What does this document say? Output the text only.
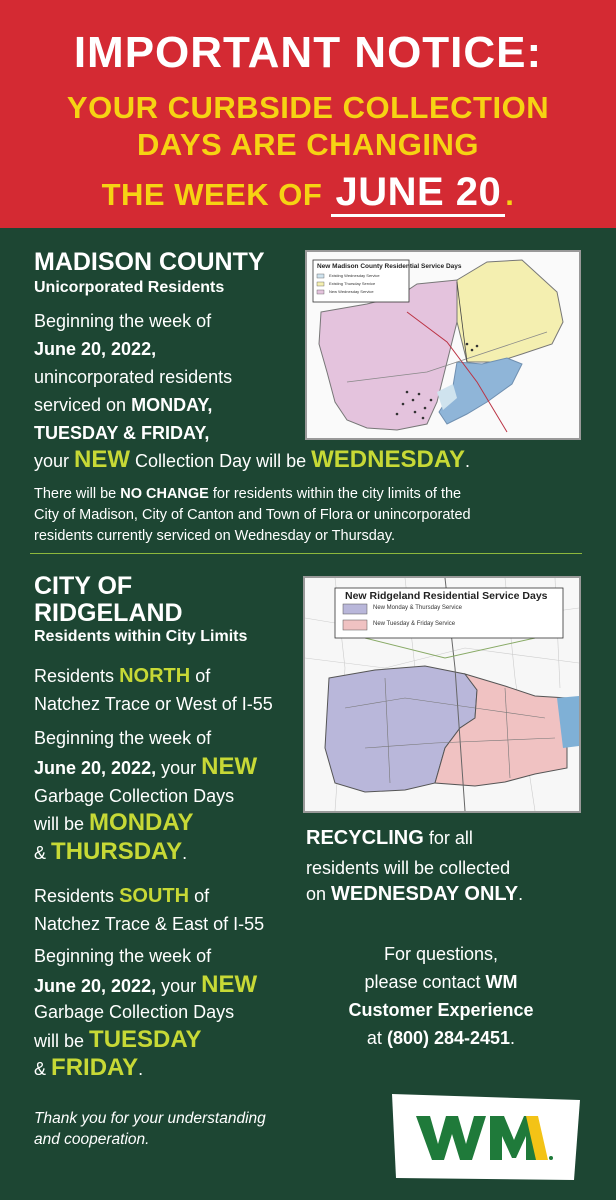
IMPORTANT NOTICE:
YOUR CURBSIDE COLLECTION
DAYS ARE CHANGING
THE WEEK OF JUNE 20 .
MADISON COUNTY
Unicorporated Residents
Beginning the week of
June 20, 2022,
unincorporated residents
serviced on MONDAY,
TUESDAY & FRIDAY,
your NEW Collection Day will be WEDNESDAY.
There will be NO CHANGE for residents within the city limits of the
City of Madison, City of Canton and Town of Flora or unincorporated
residents currently serviced on Wednesday or Thursday.
New Madison County Residential Service Days
Existing Wednesday Service
Existing Thursday Service
New Wednesday Service
CITY OF
RIDGELAND
Residents within City Limits
Residents NORTH of
Natchez Trace or West of I-55
Beginning the week of
June 20, 2022, your NEW
Garbage Collection Days
will be MONDAY
& THURSDAY.
Residents SOUTH of
Natchez Trace & East of I-55
Beginning the week of
June 20, 2022, your NEW
Garbage Collection Days
will be TUESDAY
& FRIDAY.
New Ridgeland Residential Service Days
New Monday & Thursday Service
New Tuesday & Friday Service
RECYCLING for all
residents will be collected
on WEDNESDAY ONLY.
For questions,
please contact WM
Customer Experience
at (800) 284-2451.
Thank you for your understanding
and cooperation.
